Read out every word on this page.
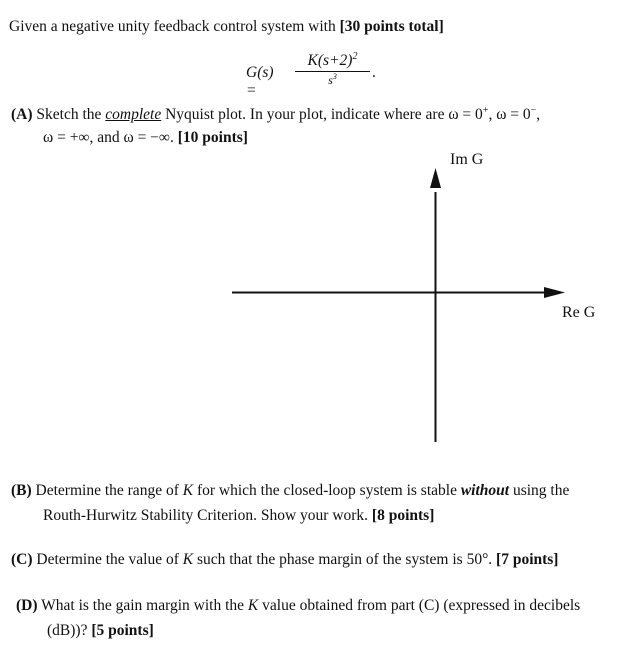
Given a negative unity feedback control system with [30 points total]
G(s) =
$K(s+2)^2$
$s^3$	.
(A) Sketch the complete Nyquist plot. In your plot, indicate where are ω = 0+, ω = 0−,
ω = +∞, and ω = −∞. [10 points]
Im G
Re G
(B) Determine the range of K for which the closed-loop system is stable without using the
Routh-Hurwitz Stability Criterion. Show your work. [8 points]
(C) Determine the value of K such that the phase margin of the system is 50°. [7 points]
(D) What is the gain margin with the K value obtained from part (C) (expressed in decibels
(dB))? [5 points]
